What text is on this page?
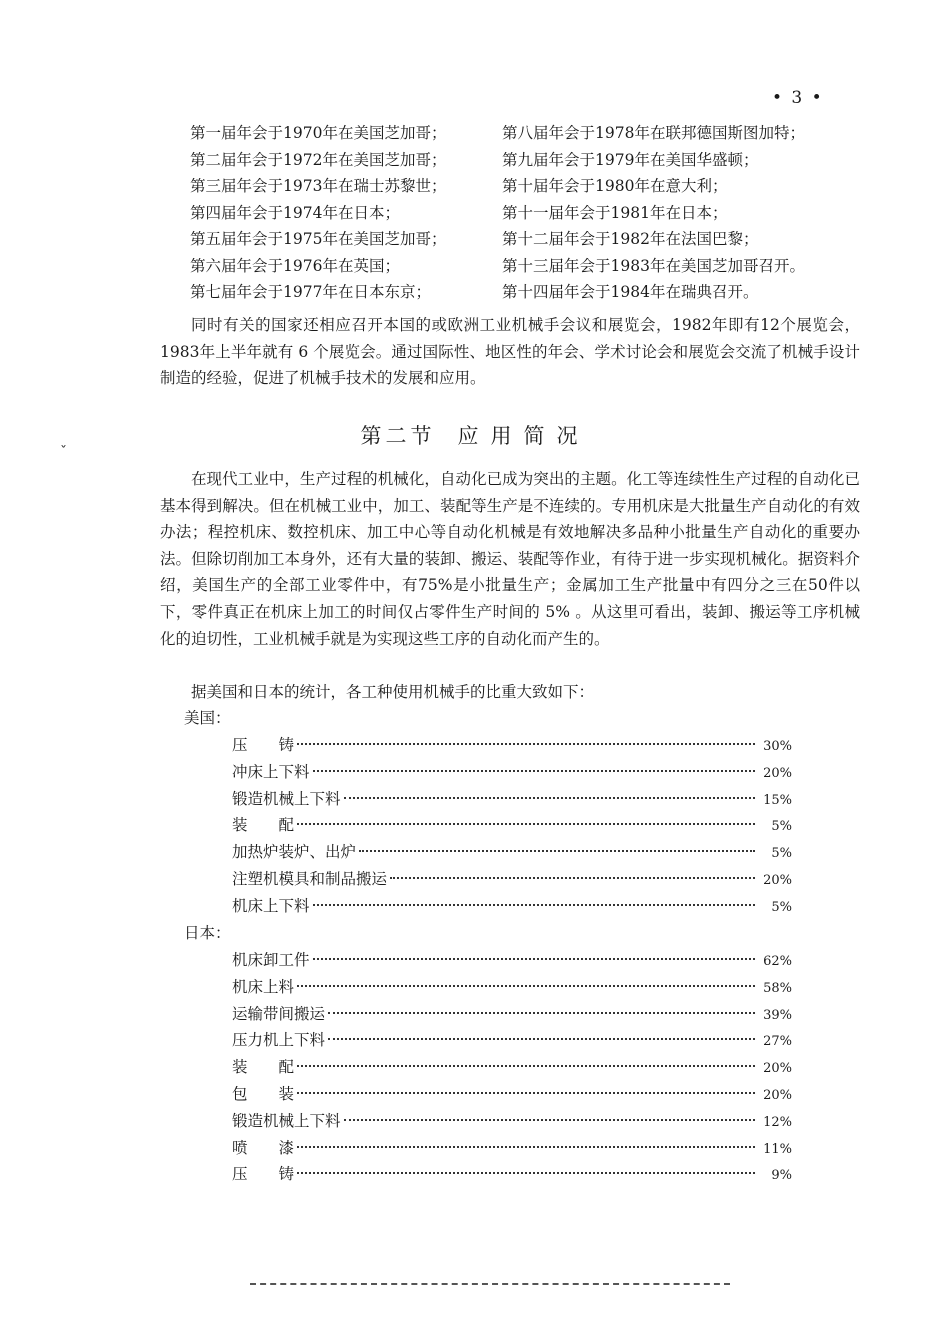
• 3 •
第一届年会于1970年在美国芝加哥；
第二届年会于1972年在美国芝加哥；
第三届年会于1973年在瑞士苏黎世；
第四届年会于1974年在日本；
第五届年会于1975年在美国芝加哥；
第六届年会于1976年在英国；
第七届年会于1977年在日本东京；
第八届年会于1978年在联邦德国斯图加特；
第九届年会于1979年在美国华盛顿；
第十届年会于1980年在意大利；
第十一届年会于1981年在日本；
第十二届年会于1982年在法国巴黎；
第十三届年会于1983年在美国芝加哥召开。
第十四届年会于1984年在瑞典召开。

同时有关的国家还相应召开本国的或欧洲工业机械手会议和展览会，1982年即有12个展览会，1983年上半年就有 6 个展览会。通过国际性、地区性的年会、学术讨论会和展览会交流了机械手设计制造的经验，促进了机械手技术的发展和应用。

˯	第二节 应用简况

在现代工业中，生产过程的机械化，自动化已成为突出的主题。化工等连续性生产过程的自动化已基本得到解决。但在机械工业中，加工、装配等生产是不连续的。专用机床是大批量生产自动化的有效办法；程控机床、数控机床、加工中心等自动化机械是有效地解决多品种小批量生产自动化的重要办法。但除切削加工本身外，还有大量的装卸、搬运、装配等作业，有待于进一步实现机械化。据资料介绍，美国生产的全部工业零件中，有75%是小批量生产；金属加工生产批量中有四分之三在50件以下，零件真正在机床上加工的时间仅占零件生产时间的 5% 。从这里可看出，装卸、搬运等工序机械化的迫切性，工业机械手就是为实现这些工序的自动化而产生的。

据美国和日本的统计，各工种使用机械手的比重大致如下：

美国：
压　　铸	30%
冲床上下料	20%
锻造机械上下料	15%
装　　配	5%
加热炉装炉、出炉	5%
注塑机模具和制品搬运	20%
机床上下料	5%
日本：
机床卸工件	62%
机床上料	58%
运输带间搬运	39%
压力机上下料	27%
装　　配	20%
包　　装	20%
锻造机械上下料	12%
喷　　漆	11%
压　　铸	9%
